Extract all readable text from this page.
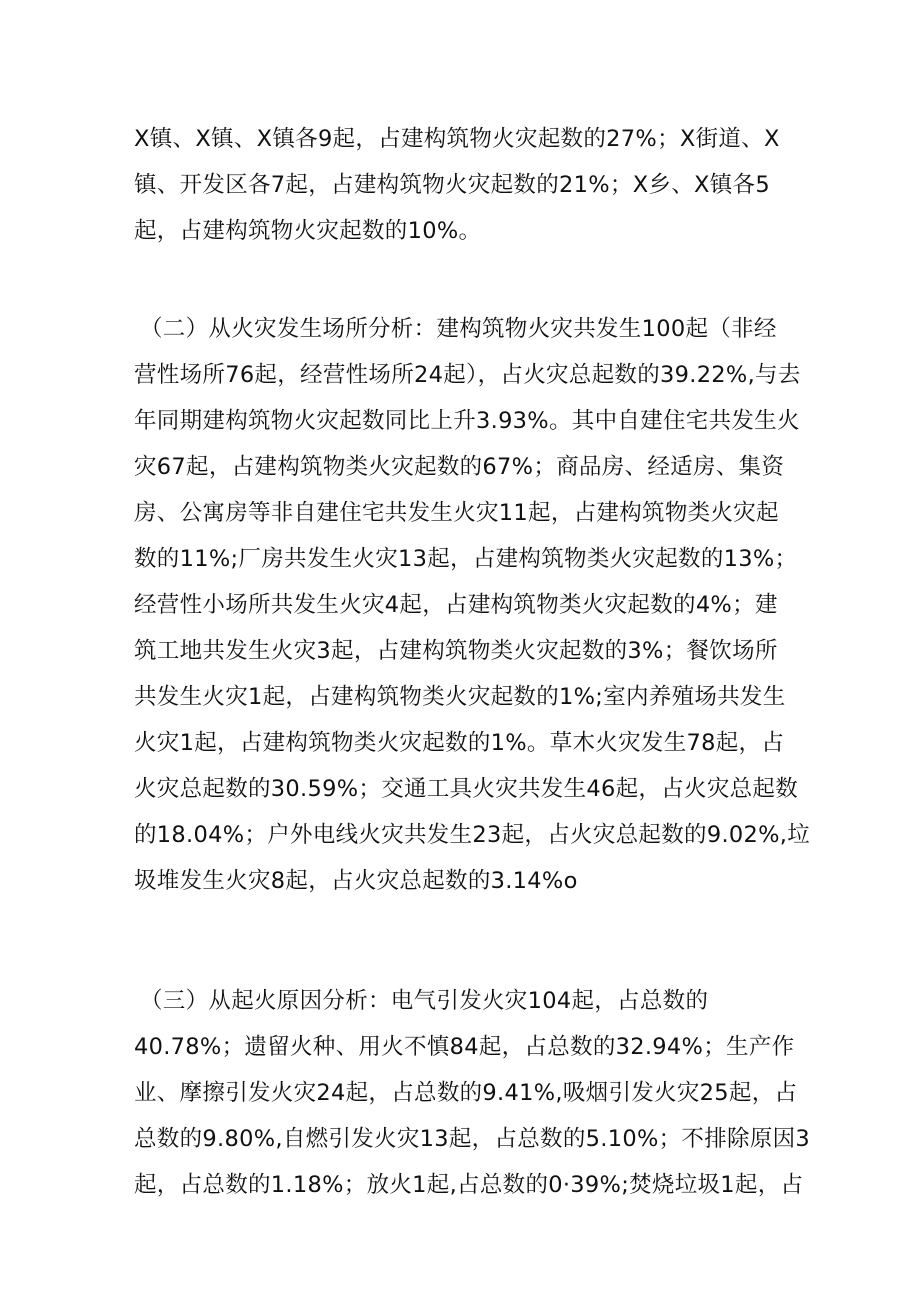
X镇、X镇、X镇各9起，占建构筑物火灾起数的27%；X街道、X
镇、开发区各7起，占建构筑物火灾起数的21%；X乡、X镇各5
起，占建构筑物火灾起数的10%。
（二）从火灾发生场所分析：建构筑物火灾共发生100起（非经
营性场所76起，经营性场所24起），占火灾总起数的39.22%,与去
年同期建构筑物火灾起数同比上升3.93%。其中自建住宅共发生火
灾67起，占建构筑物类火灾起数的67%；商品房、经适房、集资
房、公寓房等非自建住宅共发生火灾11起，占建构筑物类火灾起
数的11%;厂房共发生火灾13起，占建构筑物类火灾起数的13%；
经营性小场所共发生火灾4起，占建构筑物类火灾起数的4%；建
筑工地共发生火灾3起，占建构筑物类火灾起数的3%；餐饮场所
共发生火灾1起，占建构筑物类火灾起数的1%;室内养殖场共发生
火灾1起，占建构筑物类火灾起数的1%。草木火灾发生78起，占
火灾总起数的30.59%；交通工具火灾共发生46起，占火灾总起数
的18.04%；户外电线火灾共发生23起，占火灾总起数的9.02%,垃
圾堆发生火灾8起，占火灾总起数的3.14%o
（三）从起火原因分析：电气引发火灾104起，占总数的
40.78%；遗留火种、用火不慎84起，占总数的32.94%；生产作
业、摩擦引发火灾24起，占总数的9.41%,吸烟引发火灾25起，占
总数的9.80%,自燃引发火灾13起，占总数的5.10%；不排除原因3
起，占总数的1.18%；放火1起,占总数的0·39%;焚烧垃圾1起，占
